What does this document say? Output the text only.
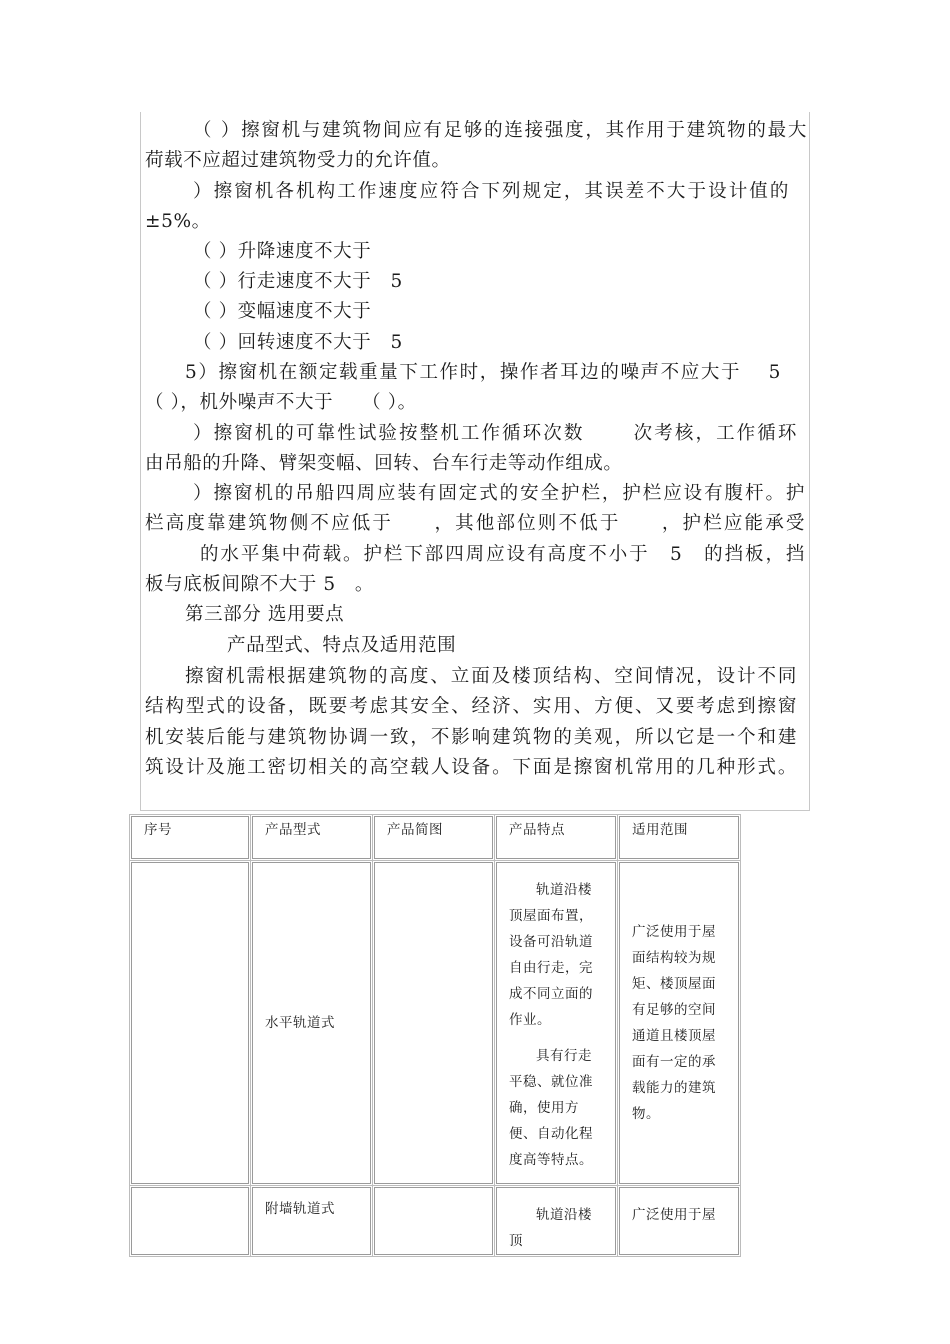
（ ）擦窗机与建筑物间应有足够的连接强度，其作用于建筑物的最大
荷载不应超过建筑物受力的允许值。
）擦窗机各机构工作速度应符合下列规定，其误差不大于设计值的
±5%。
（ ）升降速度不大于
（ ）行走速度不大于　5
（ ）变幅速度不大于
（ ）回转速度不大于　5
5）擦窗机在额定载重量下工作时，操作者耳边的噪声不应大于　 5
（ ），机外噪声不大于　　（ ）。
）擦窗机的可靠性试验按整机工作循环次数　　 次考核，工作循环
由吊船的升降、臂架变幅、回转、台车行走等动作组成。
）擦窗机的吊船四周应装有固定式的安全护栏，护栏应设有腹杆。护
栏高度靠建筑物侧不应低于　　，其他部位则不低于　　，护栏应能承受
的水平集中荷载。护栏下部四周应设有高度不小于　5　的挡板，挡
板与底板间隙不大于 5　。
第三部分 选用要点
产品型式、特点及适用范围
擦窗机需根据建筑物的高度、立面及楼顶结构、空间情况，设计不同
结构型式的设备，既要考虑其安全、经济、实用、方便、又要考虑到擦窗
机安装后能与建筑物协调一致，不影响建筑物的美观，所以它是一个和建
筑设计及施工密切相关的高空载人设备。下面是擦窗机常用的几种形式。
序号	产品型式	产品简图	产品特点	适用范围
	水平轨道式		轨道沿楼顶屋面布置，设备可沿轨道自由行走，完成不同立面的作业。

具有行走平稳、就位准确，使用方便、自动化程度高等特点。	广泛使用于屋面结构较为规矩、楼顶屋面有足够的空间通道且楼顶屋面有一定的承载能力的建筑物。
	附墙轨道式		轨道沿楼顶	广泛使用于屋
